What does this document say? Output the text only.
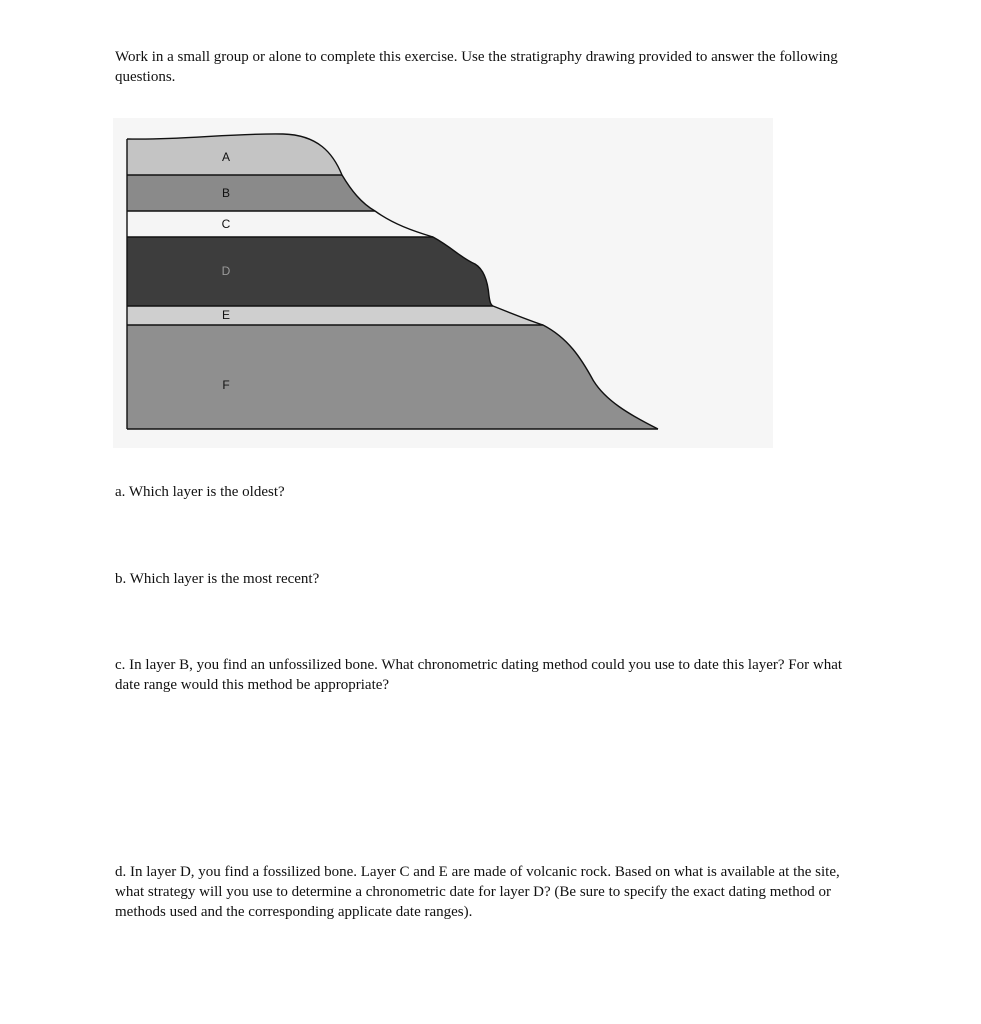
Work in a small group or alone to complete this exercise. Use the stratigraphy drawing provided to answer the following questions.
A
B
C
D
E
F
a. Which layer is the oldest?
b. Which layer is the most recent?
c. In layer B, you find an unfossilized bone. What chronometric dating method could you use to date this layer? For what date range would this method be appropriate?
d. In layer D, you find a fossilized bone. Layer C and E are made of volcanic rock. Based on what is available at the site, what strategy will you use to determine a chronometric date for layer D? (Be sure to specify the exact dating method or methods used and the corresponding applicate date ranges).
